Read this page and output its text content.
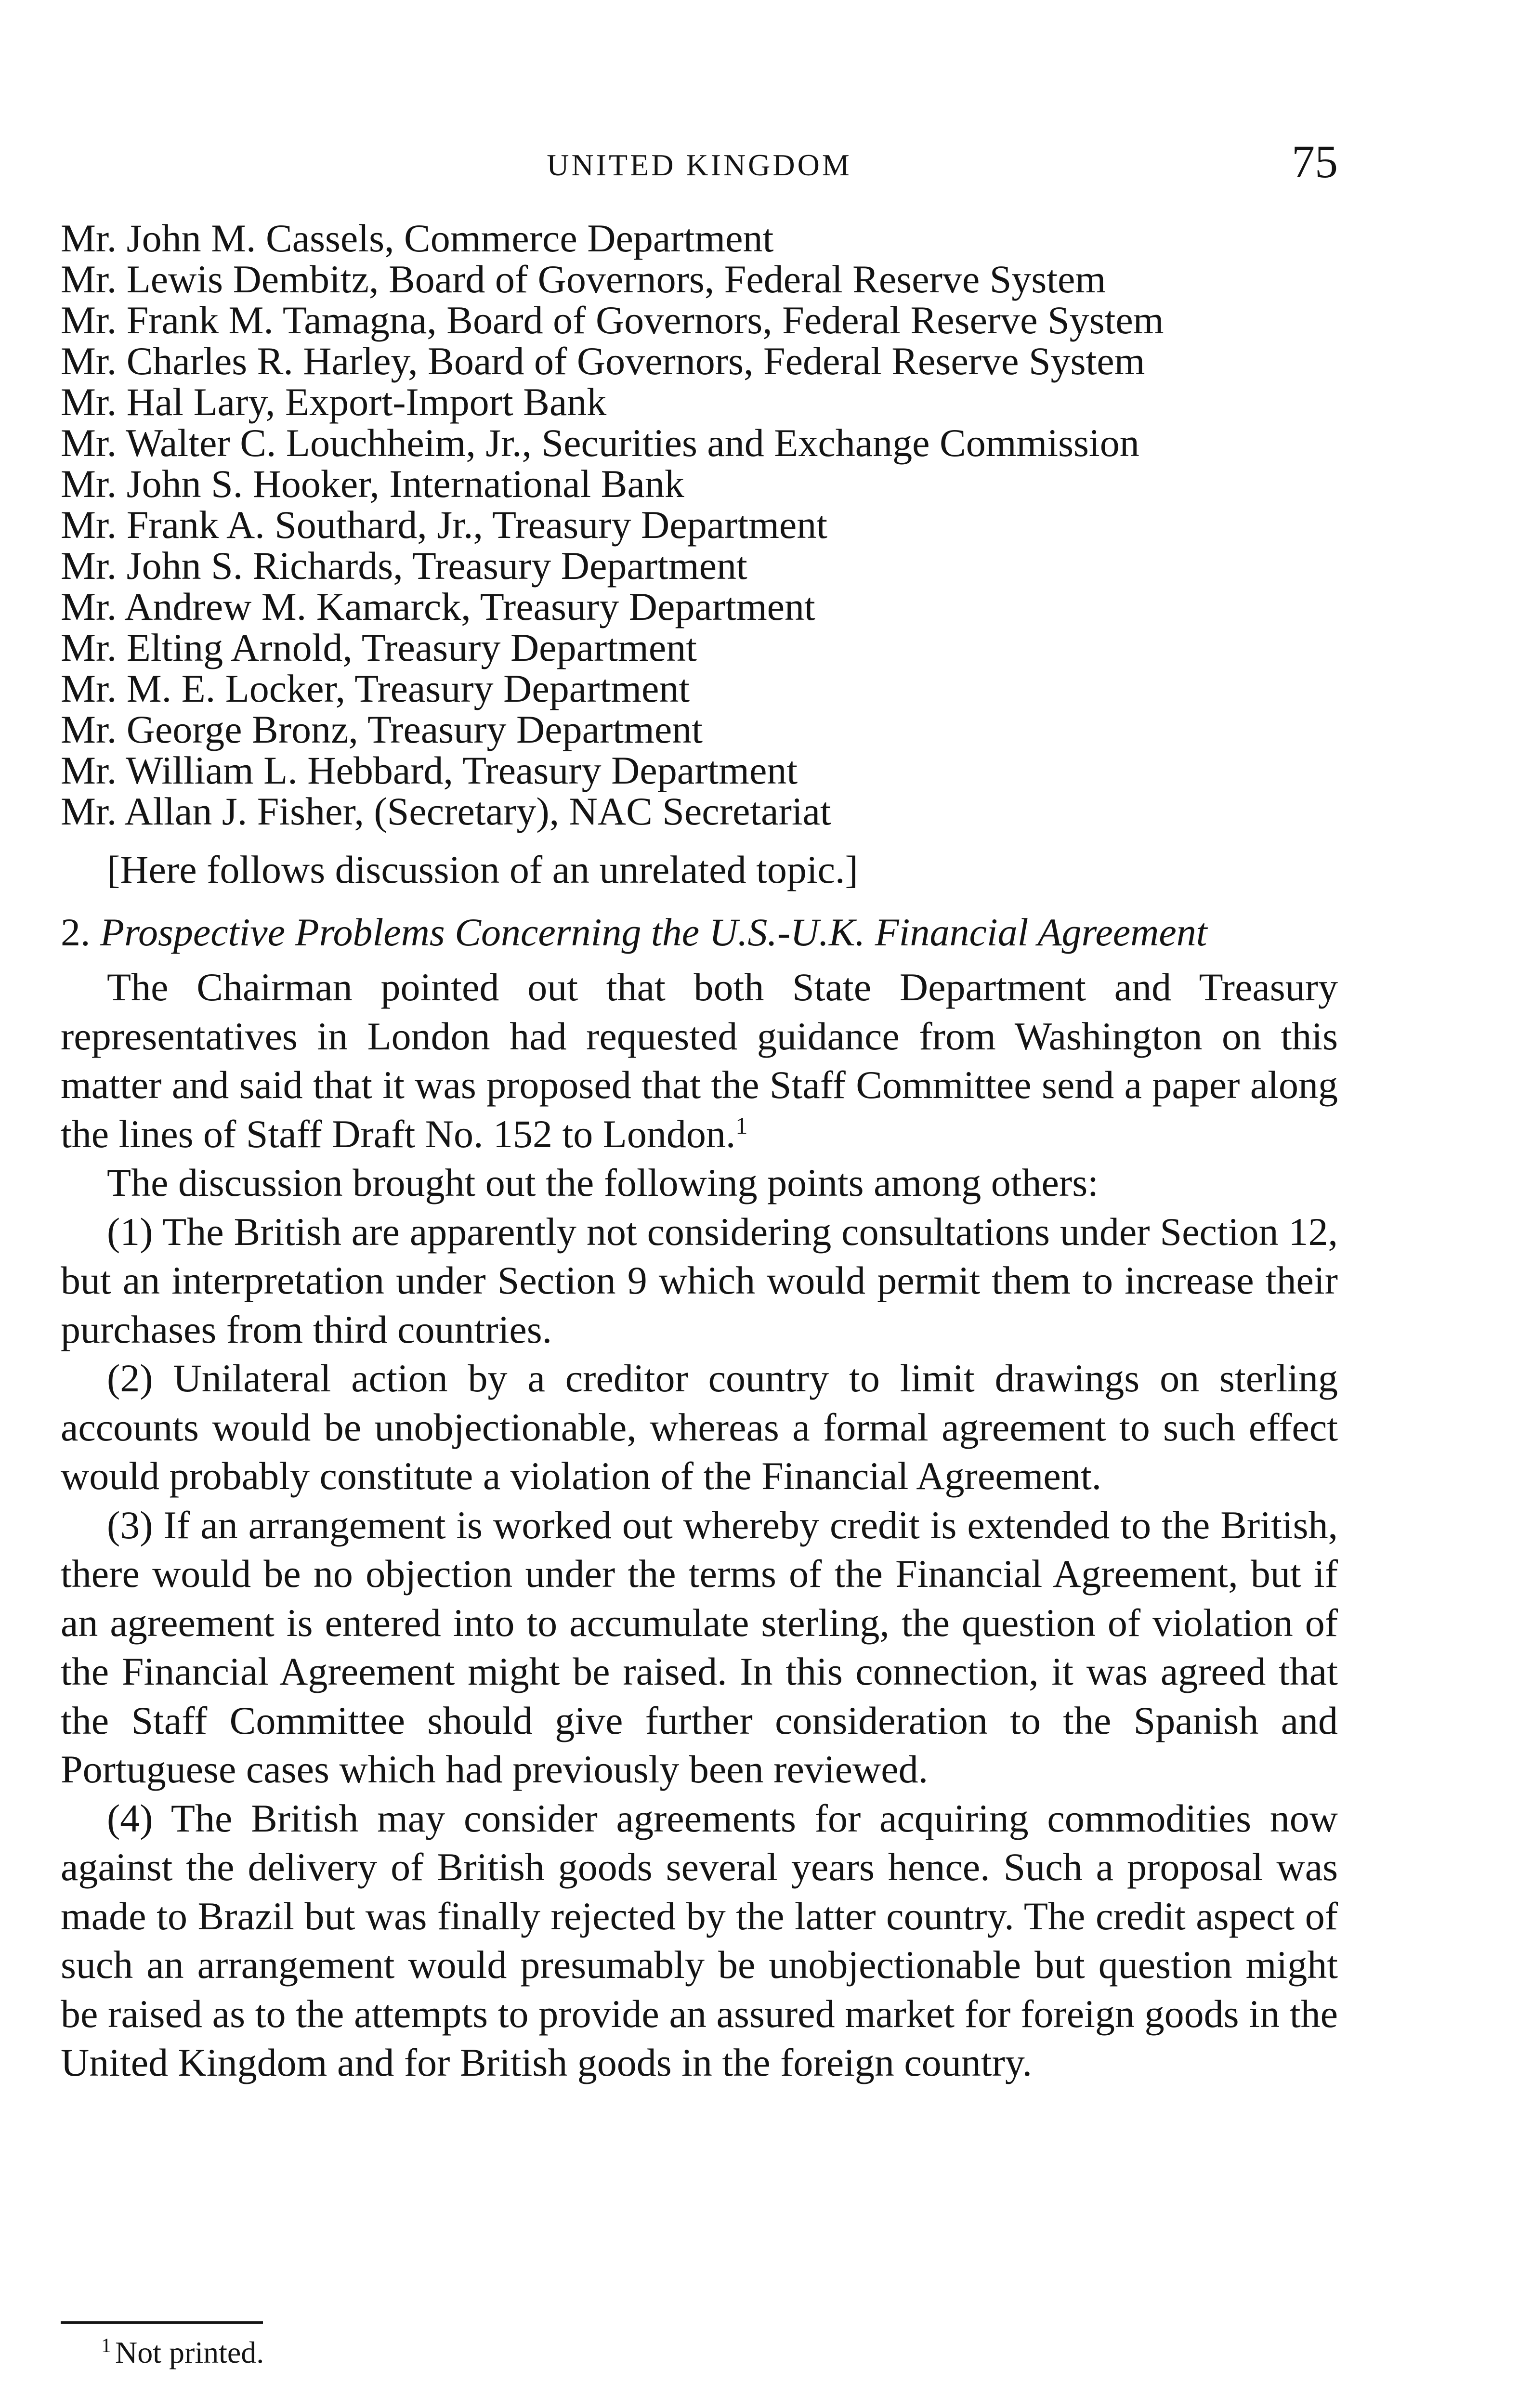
UNITED KINGDOM	75
Mr. John M. Cassels, Commerce Department
Mr. Lewis Dembitz, Board of Governors, Federal Reserve System
Mr. Frank M. Tamagna, Board of Governors, Federal Reserve System
Mr. Charles R. Harley, Board of Governors, Federal Reserve System
Mr. Hal Lary, Export-Import Bank
Mr. Walter C. Louchheim, Jr., Securities and Exchange Commission
Mr. John S. Hooker, International Bank
Mr. Frank A. Southard, Jr., Treasury Department
Mr. John S. Richards, Treasury Department
Mr. Andrew M. Kamarck, Treasury Department
Mr. Elting Arnold, Treasury Department
Mr. M. E. Locker, Treasury Department
Mr. George Bronz, Treasury Department
Mr. William L. Hebbard, Treasury Department
Mr. Allan J. Fisher, (Secretary), NAC Secretariat

[Here follows discussion of an unrelated topic.]

2. Prospective Problems Concerning the U.S.-U.K. Financial Agreement

The Chairman pointed out that both State Department and Treasury representatives in London had requested guidance from Washington on this matter and said that it was proposed that the Staff Committee send a paper along the lines of Staff Draft No. 152 to London.$^1$

The discussion brought out the following points among others:

(1) The British are apparently not considering consultations under Section 12, but an interpretation under Section 9 which would permit them to increase their purchases from third countries.

(2) Unilateral action by a creditor country to limit drawings on sterling accounts would be unobjectionable, whereas a formal agreement to such effect would probably constitute a violation of the Financial Agreement.

(3) If an arrangement is worked out whereby credit is extended to the British, there would be no objection under the terms of the Financial Agreement, but if an agreement is entered into to accumulate sterling, the question of violation of the Financial Agreement might be raised. In this connection, it was agreed that the Staff Committee should give further consideration to the Spanish and Portuguese cases which had previously been reviewed.

(4) The British may consider agreements for acquiring commodities now against the delivery of British goods several years hence. Such a proposal was made to Brazil but was finally rejected by the latter country. The credit aspect of such an arrangement would presumably be unobjectionable but question might be raised as to the attempts to provide an assured market for foreign goods in the United Kingdom and for British goods in the foreign country.

$^1$ Not printed.
